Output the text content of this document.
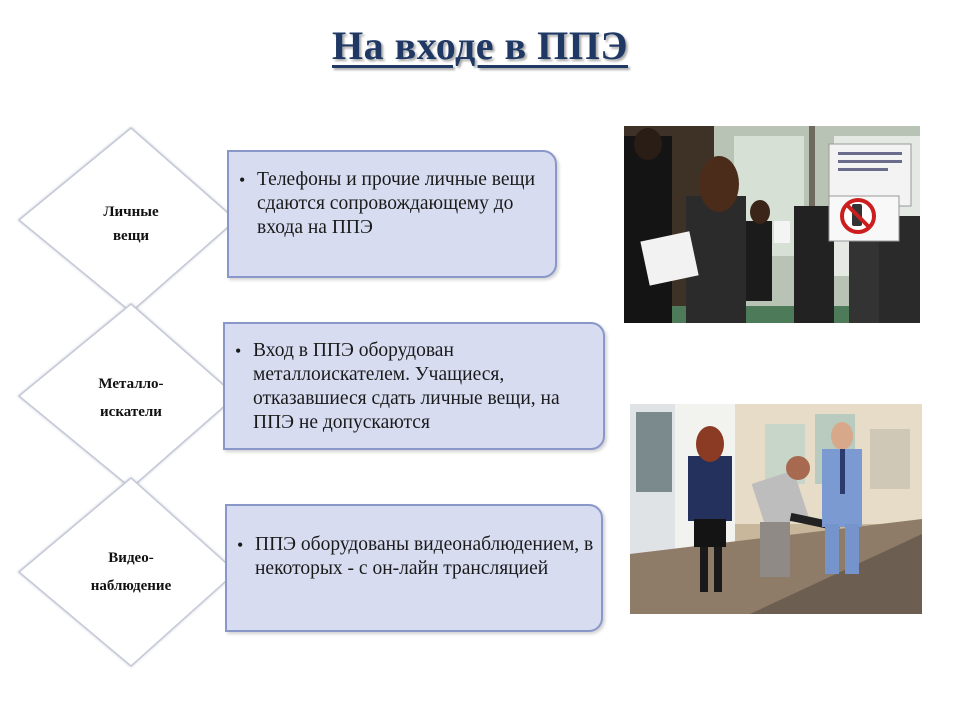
На входе в ППЭ
Личные
вещи
Металло-
искатели
Видео-
наблюдение
• Телефоны и прочие личные вещи сдаются сопровождающему до входа на ППЭ
• Вход в ППЭ оборудован металлоискателем. Учащиеся, отказавшиеся сдать личные вещи, на ППЭ не допускаются
• ППЭ оборудованы видеонаблюдением, в некоторых - с он-лайн трансляцией
